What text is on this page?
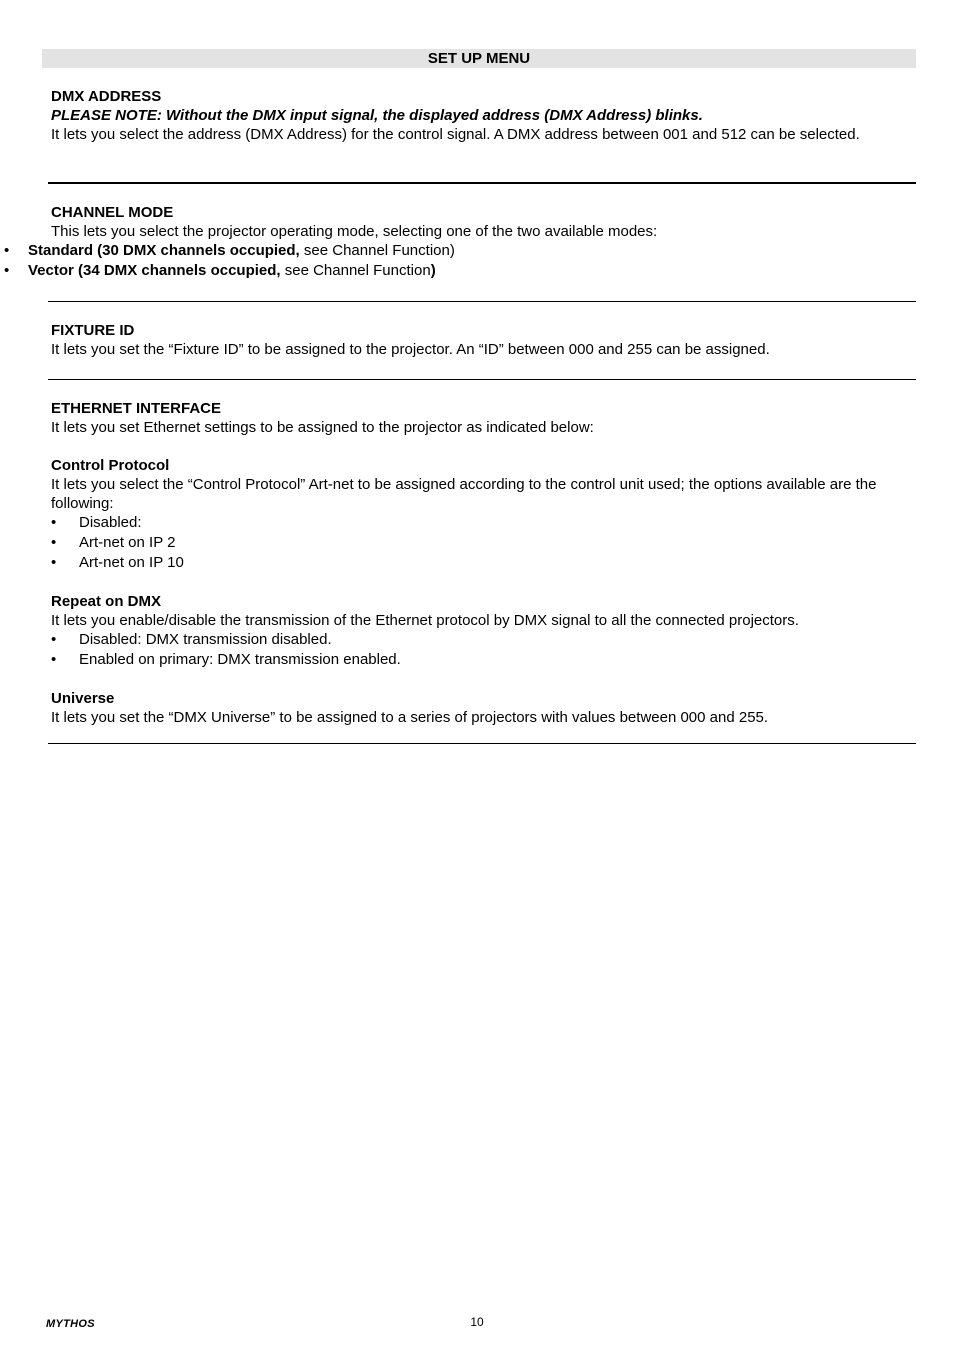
SET UP MENU

DMX ADDRESS

PLEASE NOTE: Without the DMX input signal, the displayed address (DMX Address) blinks.

It lets you select the address (DMX Address) for the control signal. A DMX address between 001 and 512 can be selected.

CHANNEL MODE

This lets you select the projector operating mode, selecting one of the two available modes:

• Standard (30 DMX channels occupied, see Channel Function)
• Vector (34 DMX channels occupied, see Channel Function)

FIXTURE ID

It lets you set the “Fixture ID” to be assigned to the projector. An “ID” between 000 and 255 can be assigned.

ETHERNET INTERFACE

It lets you set Ethernet settings to be assigned to the projector as indicated below:

Control Protocol

It lets you select the “Control Protocol” Art-net to be assigned according to the control unit used; the options available are the following:

• Disabled:
• Art-net on IP 2
• Art-net on IP 10

Repeat on DMX

It lets you enable/disable the transmission of the Ethernet protocol by DMX signal to all the connected projectors.

• Disabled: DMX transmission disabled.
• Enabled on primary: DMX transmission enabled.

Universe

It lets you set the “DMX Universe” to be assigned to a series of projectors with values between 000 and 255.

MYTHOS	10
